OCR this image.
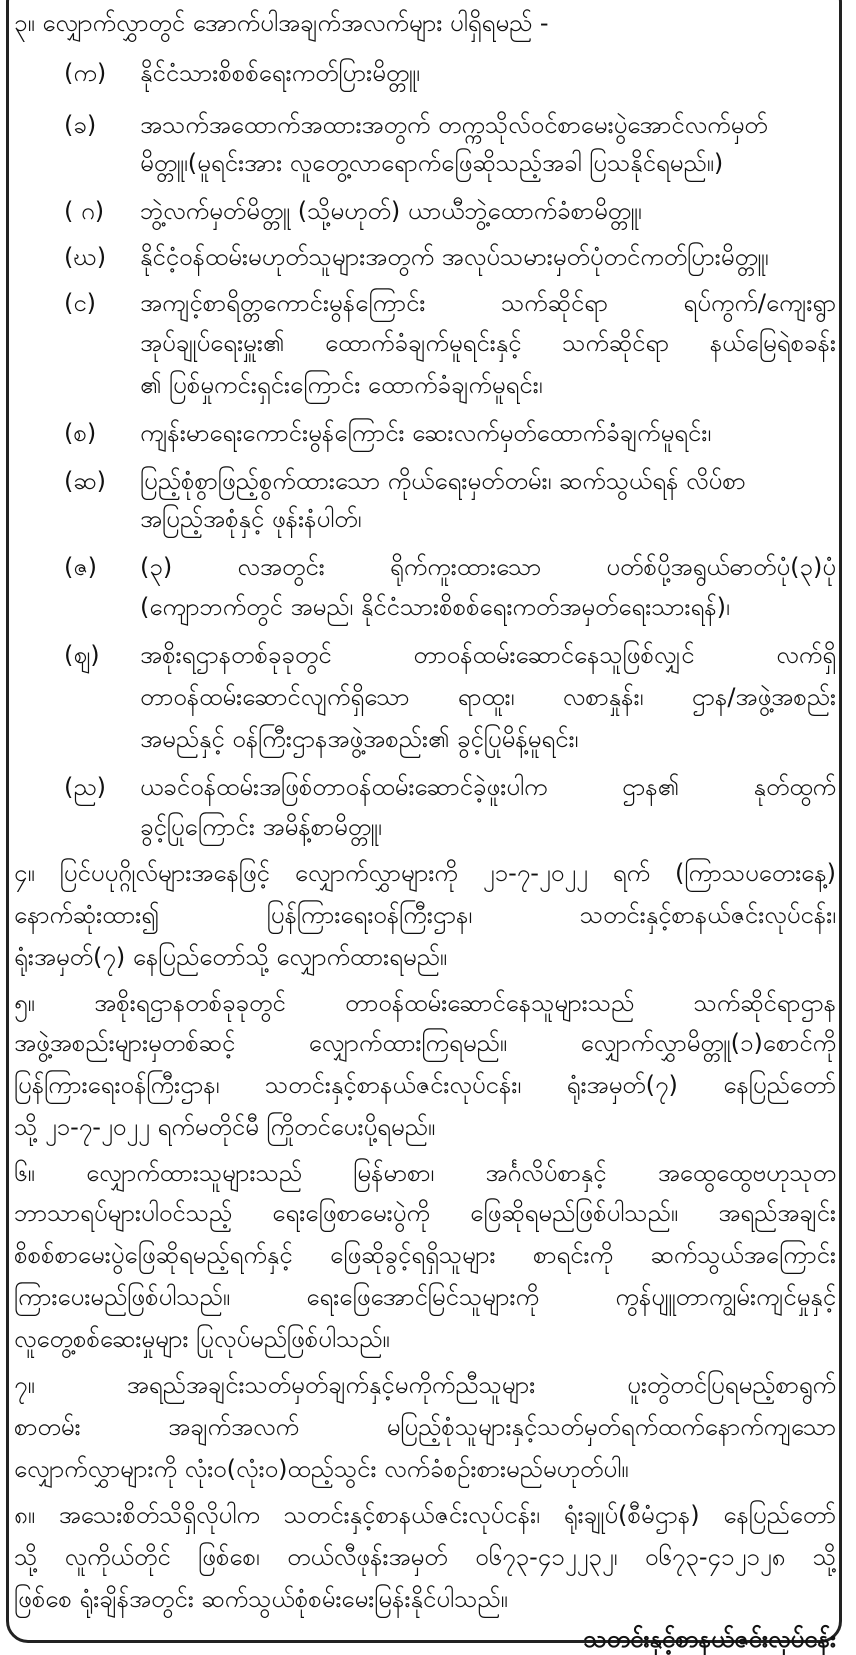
၃။ လျှောက်လွှာတွင် အောက်ပါအချက်အလက်များ ပါရှိရမည် -
(က) နိုင်ငံသားစိစစ်ရေးကတ်ပြားမိတ္တူ၊
(ခ) အသက်အထောက်အထားအတွက် တက္ကသိုလ်ဝင်စာမေးပွဲအောင်လက်မှတ်
မိတ္တူ၊(မူရင်းအား လူတွေ့လာရောက်ဖြေဆိုသည့်အခါ ပြသနိုင်ရမည်။)
( ဂ) ဘွဲ့လက်မှတ်မိတ္တူ (သို့မဟုတ်) ယာယီဘွဲ့ထောက်ခံစာမိတ္တူ၊
(ဃ) နိုင်ငံ့ဝန်ထမ်းမဟုတ်သူများအတွက် အလုပ်သမားမှတ်ပုံတင်ကတ်ပြားမိတ္တူ၊
(င) အကျင့်စာရိတ္တကောင်းမွန်ကြောင်း သက်ဆိုင်ရာ ရပ်ကွက်/ကျေးရွာ
အုပ်ချုပ်ရေးမှူး၏ ထောက်ခံချက်မူရင်းနှင့် သက်ဆိုင်ရာ နယ်မြေရဲစခန်း
၏ ပြစ်မှုကင်းရှင်းကြောင်း ထောက်ခံချက်မူရင်း၊
(စ) ကျန်းမာရေးကောင်းမွန်ကြောင်း ဆေးလက်မှတ်ထောက်ခံချက်မူရင်း၊
(ဆ) ပြည့်စုံစွာဖြည့်စွက်ထားသော ကိုယ်ရေးမှတ်တမ်း၊ ဆက်သွယ်ရန် လိပ်စာ
အပြည့်အစုံနှင့် ဖုန်းနံပါတ်၊
(ဇ) (၃) လအတွင်း ရိုက်ကူးထားသော ပတ်စ်ပို့အရွယ်ဓာတ်ပုံ(၃)ပုံ
(ကျောဘက်တွင် အမည်၊ နိုင်ငံသားစိစစ်ရေးကတ်အမှတ်ရေးသားရန်)၊
(ဈ) အစိုးရဌာနတစ်ခုခုတွင် တာဝန်ထမ်းဆောင်နေသူဖြစ်လျှင် လက်ရှိ
တာဝန်ထမ်းဆောင်လျက်ရှိသော ရာထူး၊ လစာနှုန်း၊ ဌာန/အဖွဲ့အစည်း
အမည်နှင့် ဝန်ကြီးဌာနအဖွဲ့အစည်း၏ ခွင့်ပြုမိန့်မူရင်း၊
(ည) ယခင်ဝန်ထမ်းအဖြစ်တာဝန်ထမ်းဆောင်ခဲ့ဖူးပါက ဌာန၏ နုတ်ထွက်
ခွင့်ပြုကြောင်း အမိန့်စာမိတ္တူ၊
၄။ ပြင်ပပုဂ္ဂိုလ်များအနေဖြင့် လျှောက်လွှာများကို ၂၁-၇-၂၀၂၂ ရက် (ကြာသပတေးနေ့)
နောက်ဆုံးထား၍ ပြန်ကြားရေးဝန်ကြီးဌာန၊ သတင်းနှင့်စာနယ်ဇင်းလုပ်ငန်း၊
ရုံးအမှတ်(၇) နေပြည်တော်သို့ လျှောက်ထားရမည်။
၅။ အစိုးရဌာနတစ်ခုခုတွင် တာဝန်ထမ်းဆောင်နေသူများသည် သက်ဆိုင်ရာဌာန
အဖွဲ့အစည်းများမှတစ်ဆင့် လျှောက်ထားကြရမည်။ လျှောက်လွှာမိတ္တူ(၁)စောင်ကို
ပြန်ကြားရေးဝန်ကြီးဌာန၊ သတင်းနှင့်စာနယ်ဇင်းလုပ်ငန်း၊ ရုံးအမှတ်(၇) နေပြည်တော်
သို့ ၂၁-၇-၂၀၂၂ ရက်မတိုင်မီ ကြိုတင်ပေးပို့ရမည်။
၆။ လျှောက်ထားသူများသည် မြန်မာစာ၊ အင်္ဂလိပ်စာနှင့် အထွေထွေဗဟုသုတ
ဘာသာရပ်များပါဝင်သည့် ရေးဖြေစာမေးပွဲကို ဖြေဆိုရမည်ဖြစ်ပါသည်။ အရည်အချင်း
စိစစ်စာမေးပွဲဖြေဆိုရမည့်ရက်နှင့် ဖြေဆိုခွင့်ရရှိသူများ စာရင်းကို ဆက်သွယ်အကြောင်း
ကြားပေးမည်ဖြစ်ပါသည်။ ရေးဖြေအောင်မြင်သူများကို ကွန်ပျူတာကျွမ်းကျင်မှုနှင့်
လူတွေ့စစ်ဆေးမှုများ ပြုလုပ်မည်ဖြစ်ပါသည်။
၇။ အရည်အချင်းသတ်မှတ်ချက်နှင့်မကိုက်ညီသူများ ပူးတွဲတင်ပြရမည့်စာရွက်
စာတမ်း အချက်အလက် မပြည့်စုံသူများနှင့်သတ်မှတ်ရက်ထက်နောက်ကျသော
လျှောက်လွှာများကို လုံးဝ(လုံးဝ)ထည့်သွင်း လက်ခံစဉ်းစားမည်မဟုတ်ပါ။
၈။ အသေးစိတ်သိရှိလိုပါက သတင်းနှင့်စာနယ်ဇင်းလုပ်ငန်း၊ ရုံးချုပ်(စီမံဌာန) နေပြည်တော်
သို့ လူကိုယ်တိုင် ဖြစ်စေ၊ တယ်လီဖုန်းအမှတ် ၀၆၇၃-၄၁၂၂၃၂၊ ၀၆၇၃-၄၁၂၁၂၈ သို့
ဖြစ်စေ ရုံးချိန်အတွင်း ဆက်သွယ်စုံစမ်းမေးမြန်းနိုင်ပါသည်။
သတင်းနှင့်စာနယ်ဇင်းလုပ်ငန်း
